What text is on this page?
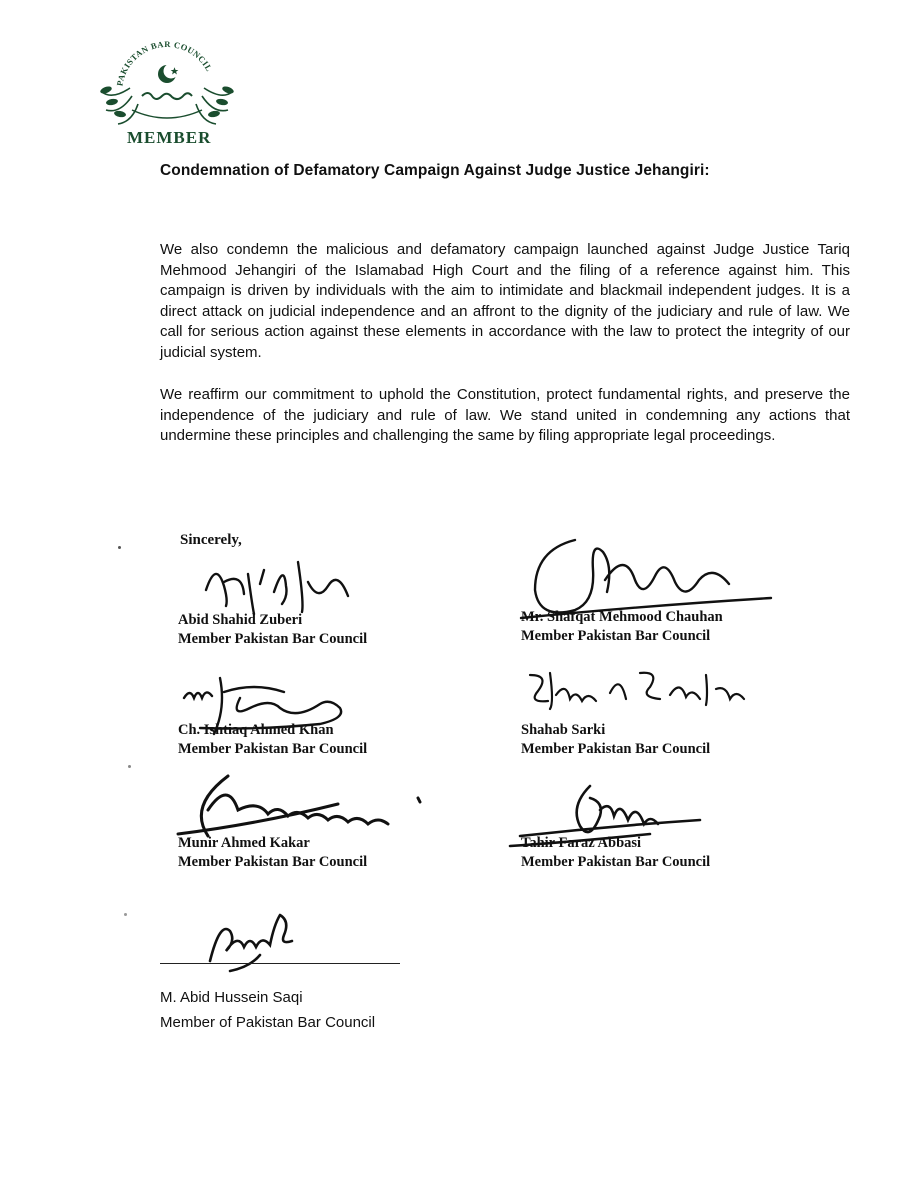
PAKISTAN BAR COUNCIL
MEMBER
Condemnation of Defamatory Campaign Against Judge Justice Jehangiri:
We also condemn the malicious and defamatory campaign launched against Judge Justice Tariq Mehmood Jehangiri of the Islamabad High Court and the filing of a reference against him. This campaign is driven by individuals with the aim to intimidate and blackmail independent judges. It is a direct attack on judicial independence and an affront to the dignity of the judiciary and rule of law. We call for serious action against these elements in accordance with the law to protect the integrity of our judicial system.
We reaffirm our commitment to uphold the Constitution, protect fundamental rights, and preserve the independence of the judiciary and rule of law. We stand united in condemning any actions that undermine these principles and challenging the same by filing appropriate legal proceedings.
Sincerely,
Abid Shahid Zuberi
Member Pakistan Bar Council
Mr. Shafqat Mehmood Chauhan
Member Pakistan Bar Council
Ch. Ishtiaq Ahmed Khan
Member Pakistan Bar Council
Shahab Sarki
Member Pakistan Bar Council
Munir Ahmed Kakar
Member Pakistan Bar Council
Tahir Faraz Abbasi
Member Pakistan Bar Council
M. Abid Hussein Saqi
Member of Pakistan Bar Council
